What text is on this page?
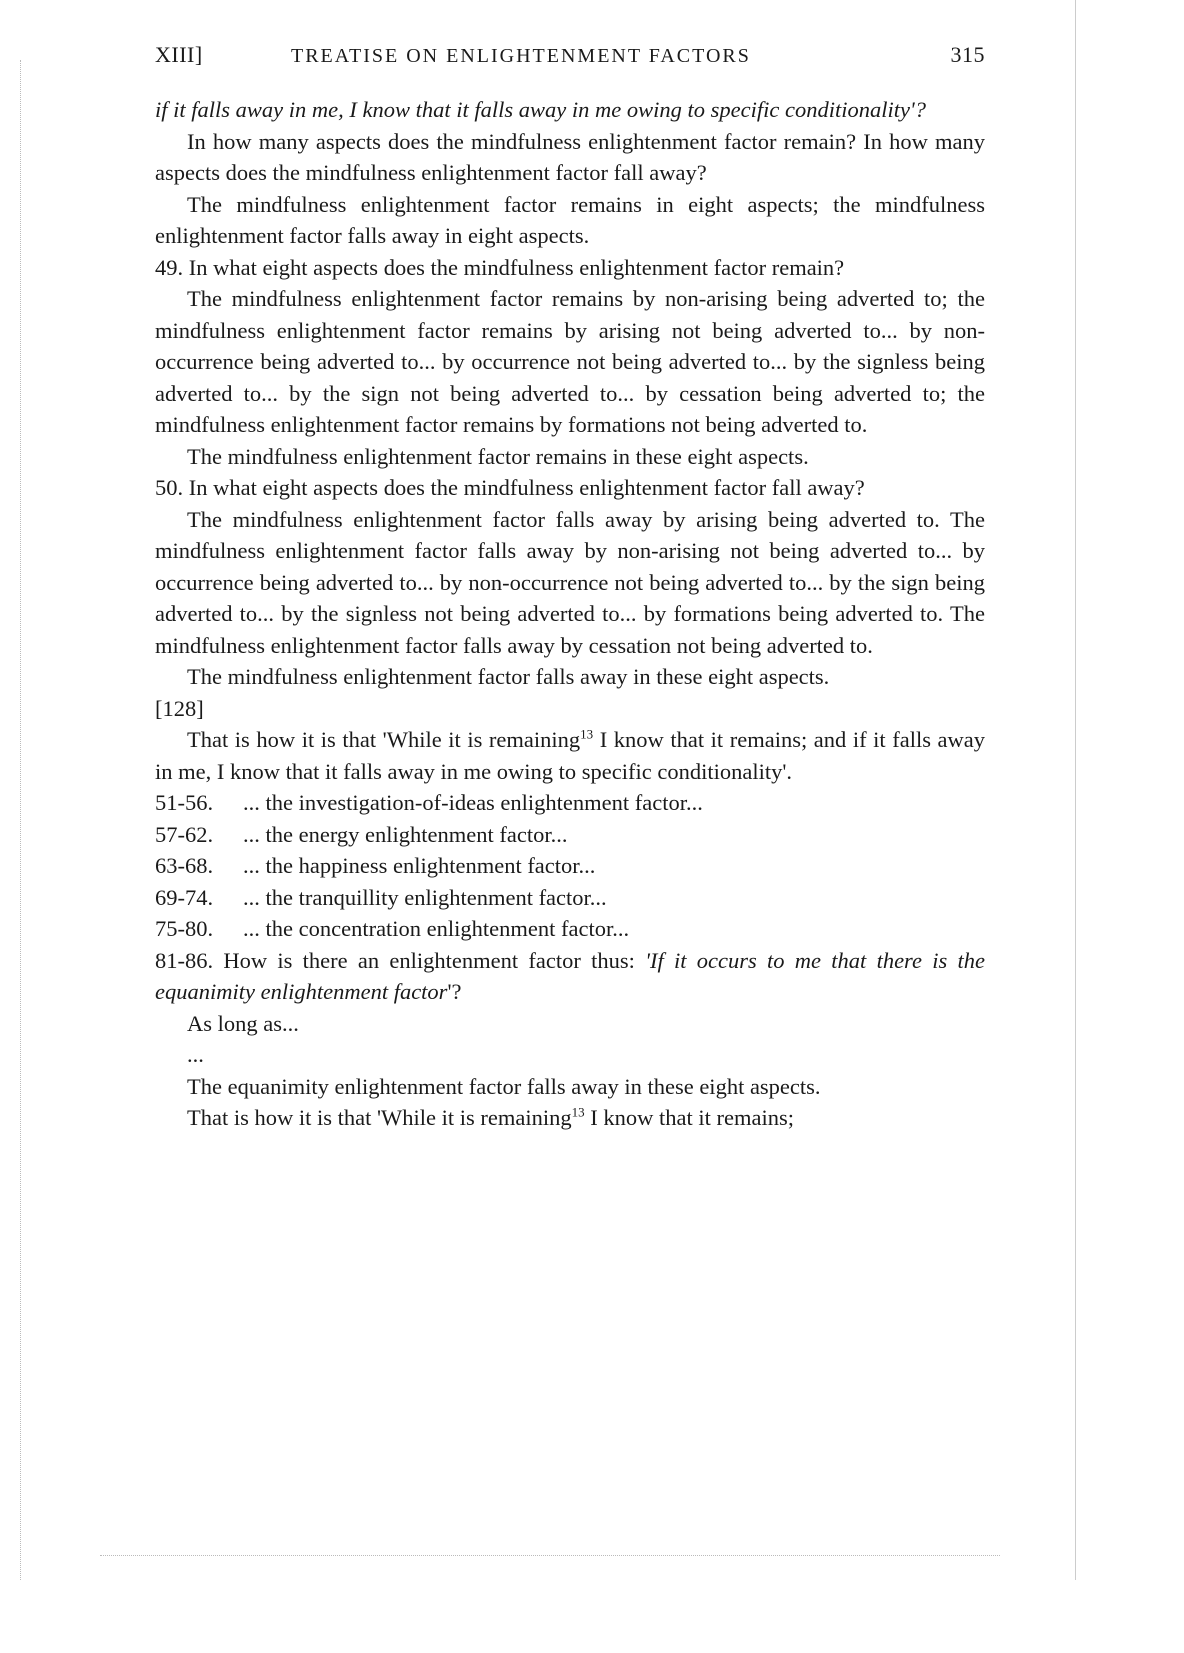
XIII]	TREATISE ON ENLIGHTENMENT FACTORS	315

if it falls away in me, I know that it falls away in me owing to specific conditionality'?

In how many aspects does the mindfulness enlightenment factor remain? In how many aspects does the mindfulness enlightenment factor fall away?

The mindfulness enlightenment factor remains in eight aspects; the mindfulness enlightenment factor falls away in eight aspects.

49. In what eight aspects does the mindfulness enlightenment factor remain?

The mindfulness enlightenment factor remains by non-arising being adverted to; the mindfulness enlightenment factor remains by arising not being adverted to... by non-occurrence being adverted to... by occurrence not being adverted to... by the signless being adverted to... by the sign not being adverted to... by cessation being adverted to; the mindfulness enlightenment factor remains by formations not being adverted to.

The mindfulness enlightenment factor remains in these eight aspects.

50. In what eight aspects does the mindfulness enlightenment factor fall away?

The mindfulness enlightenment factor falls away by arising being adverted to. The mindfulness enlightenment factor falls away by non-arising not being adverted to... by occurrence being adverted to... by non-occurrence not being adverted to... by the sign being adverted to... by the signless not being adverted to... by formations being adverted to. The mindfulness enlightenment factor falls away by cessation not being adverted to.

The mindfulness enlightenment factor falls away in these eight aspects.

[128]

That is how it is that 'While it is remaining$^{13}$ I know that it remains; and if it falls away in me, I know that it falls away in me owing to specific conditionality'.

51-56.	... the investigation-of-ideas enlightenment factor...
57-62.	... the energy enlightenment factor...
63-68.	... the happiness enlightenment factor...
69-74.	... the tranquillity enlightenment factor...
75-80.	... the concentration enlightenment factor...

81-86. How is there an enlightenment factor thus: 'If it occurs to me that there is the equanimity enlightenment factor'?

As long as...

...

The equanimity enlightenment factor falls away in these eight aspects.

That is how it is that 'While it is remaining$^{13}$ I know that it remains;
